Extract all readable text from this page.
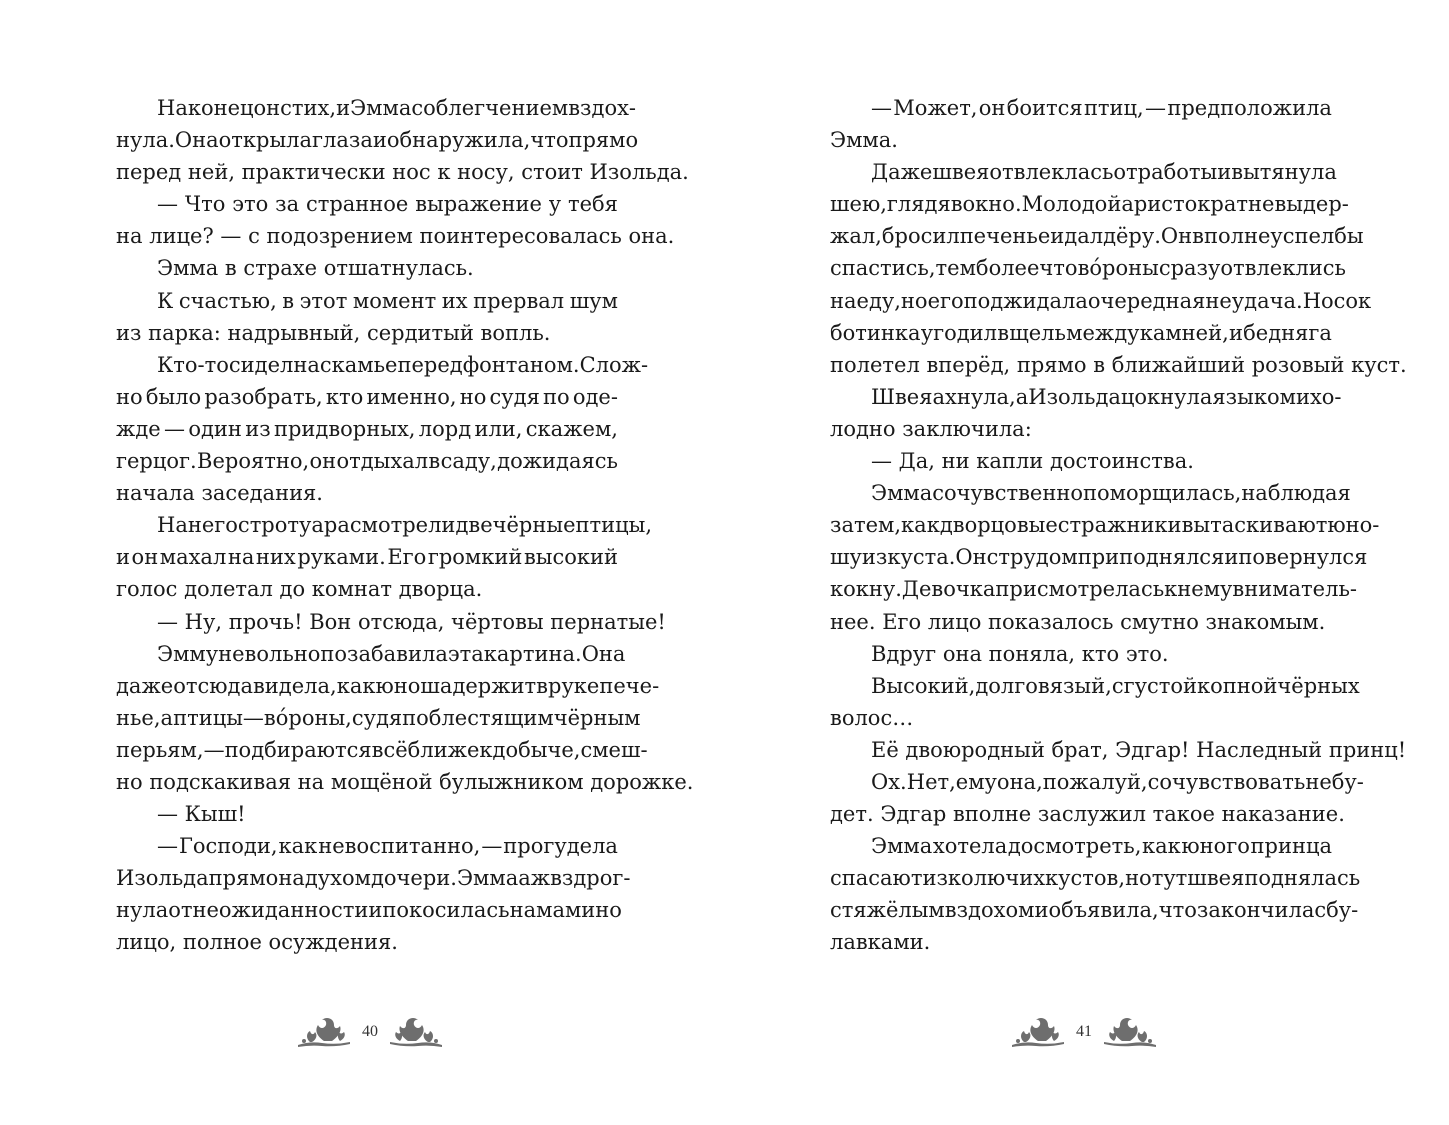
Наконец он стих, и Эмма с облегчением вздох-
нула. Она открыла глаза и обнаружила, что прямо
перед ней, практически нос к носу, стоит Изольда.
— Что это за странное выражение у тебя
на лице? — с подозрением поинтересовалась она.
Эмма в страхе отшатнулась.
К счастью, в этот момент их прервал шум
из парка: надрывный, сердитый вопль.
Кто-то сидел на скамье перед фонтаном. Слож-
но было разобрать, кто именно, но судя по оде-
жде — один из придворных, лорд или, скажем,
герцог. Вероятно, он отдыхал в саду, дожидаясь
начала заседания.
На него с тротуара смотрели две чёрные птицы,
и он махал на них руками. Его громкий высокий
голос долетал до комнат дворца.
— Ну, прочь! Вон отсюда, чёртовы пернатые!
Эмму невольно позабавила эта картина. Она
даже отсюда видела, как юноша держит в руке пече-
нье, а птицы — во́роны, судя по блестящим чёрным
перьям, — подбираются всё ближе к добыче, смеш-
но подскакивая на мощёной булыжником дорожке.
— Кыш!
— Господи, как невоспитанно, — прогудела
Изольда прямо над ухом дочери. Эмма аж вздрог-
нула от неожиданности и покосилась на мамино
лицо, полное осуждения.
— Может, он боится птиц, — предположила
Эмма.
Даже швея отвлеклась от работы и вытянула
шею, глядя в окно. Молодой аристократ не выдер-
жал, бросил печенье и дал дёру. Он вполне успел бы
спастись, тем более что во́роны сразу отвлеклись
на еду, но его поджидала очередная неудача. Носок
ботинка угодил в щель между камней, и бедняга
полетел вперёд, прямо в ближайший розовый куст.
Швея ахнула, а Изольда цокнула языком и хо-
лодно заключила:
— Да, ни капли достоинства.
Эмма сочувственно поморщилась, наблюдая
за тем, как дворцовые стражники вытаскивают юно-
шу из куста. Он с трудом приподнялся и повернулся
к окну. Девочка присмотрелась к нему вниматель-
нее. Его лицо показалось смутно знакомым.
Вдруг она поняла, кто это.
Высокий, долговязый, с густой копной чёрных
волос…
Её двоюродный брат, Эдгар! Наследный принц!
Ох. Нет, ему она, пожалуй, сочувствовать не бу-
дет. Эдгар вполне заслужил такое наказание.
Эмма хотела досмотреть, как юного принца
спасают из колючих кустов, но тут швея поднялась
с тяжёлым вздохом и объявила, что закончила с бу-
лавками.
40	41
